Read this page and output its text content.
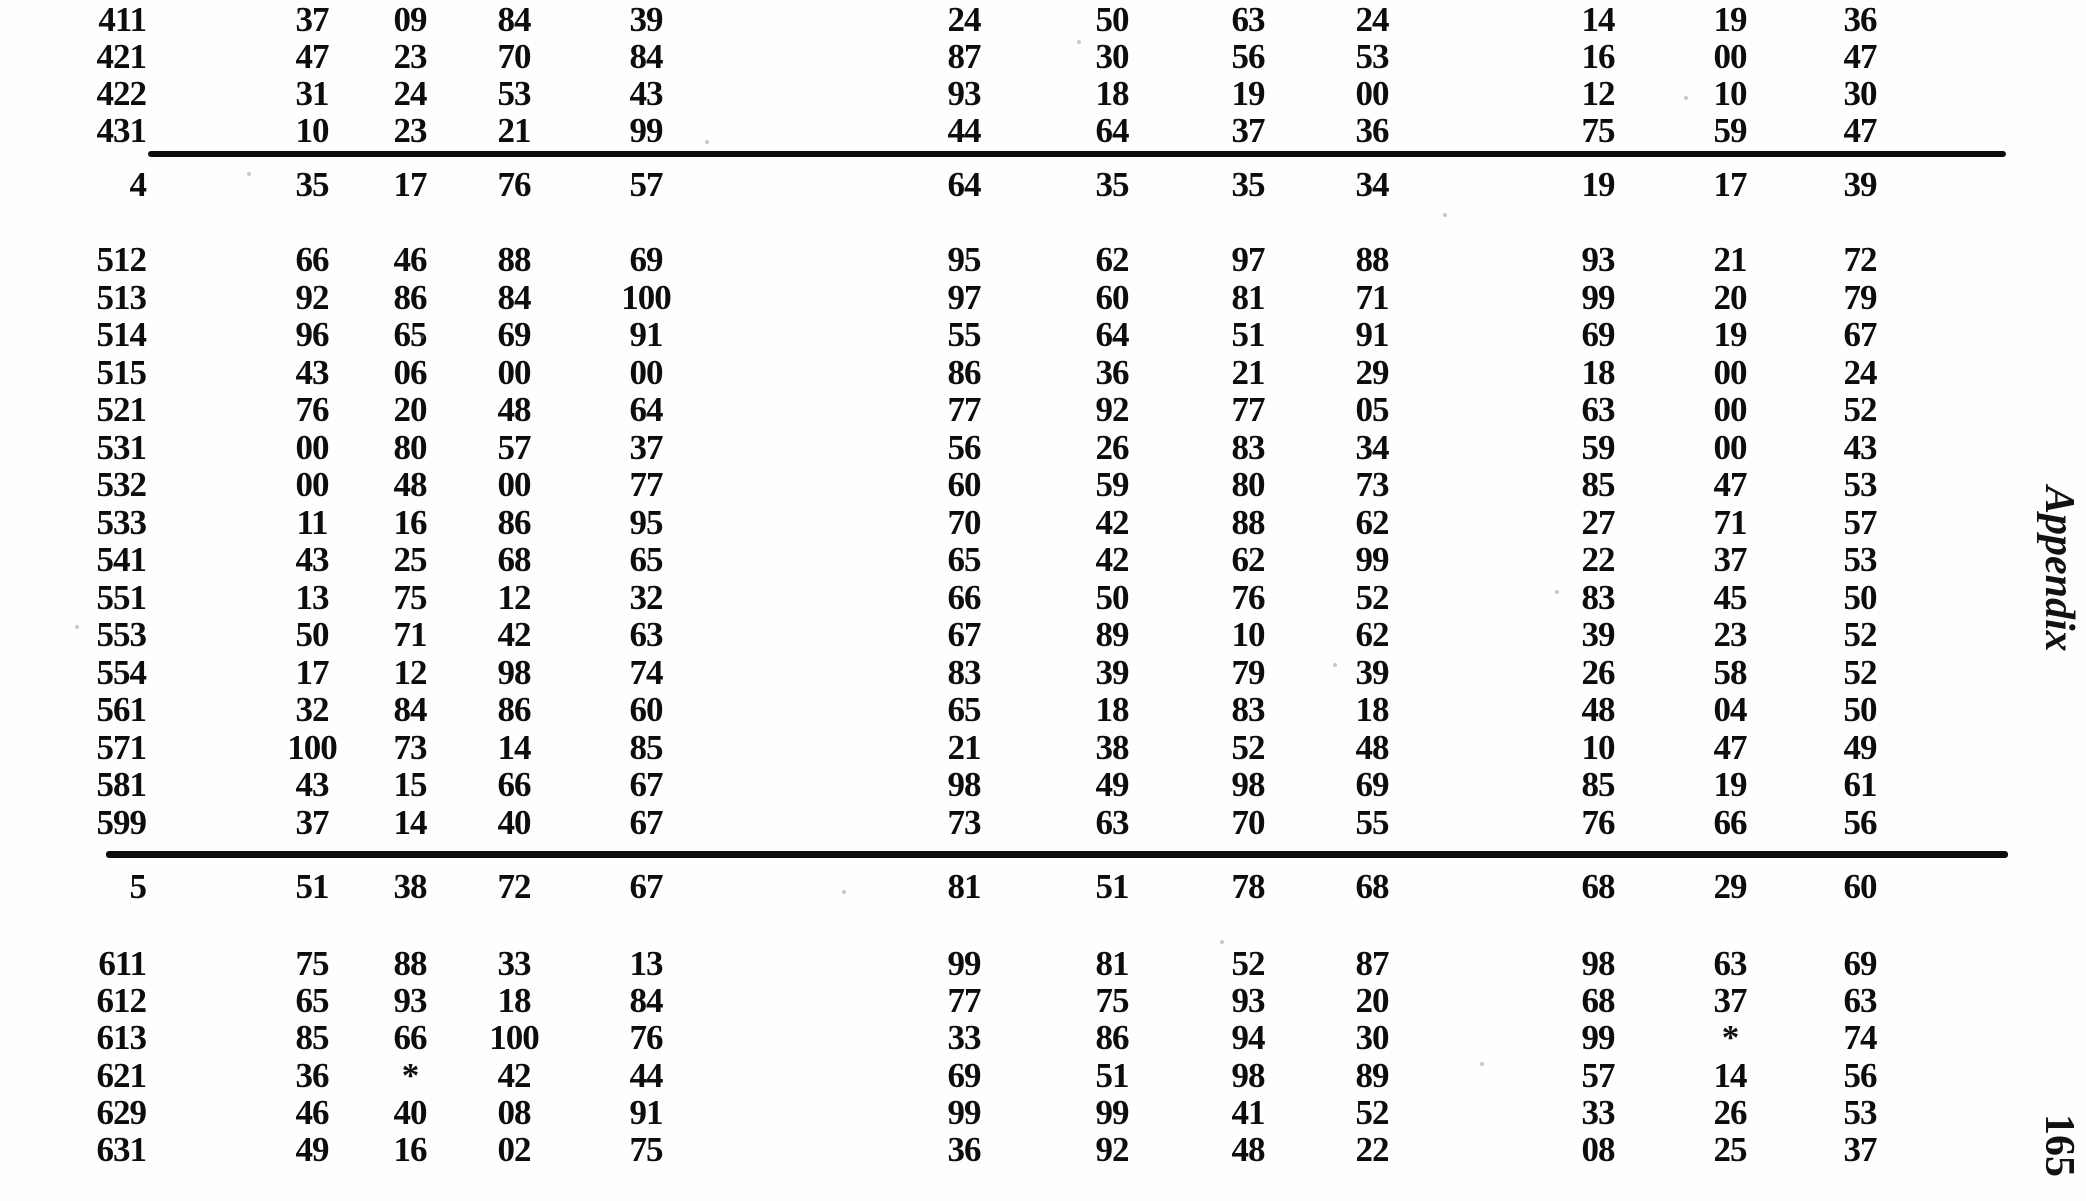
411	37	09	84	39	24	50	63	24	14	19	36
421	47	23	70	84	87	30	56	53	16	00	47
422	31	24	53	43	93	18	19	00	12	10	30
431	10	23	21	99	44	64	37	36	75	59	47
4	35	17	76	57	64	35	35	34	19	17	39
512	66	46	88	69	95	62	97	88	93	21	72
513	92	86	84	100	97	60	81	71	99	20	79
514	96	65	69	91	55	64	51	91	69	19	67
515	43	06	00	00	86	36	21	29	18	00	24
521	76	20	48	64	77	92	77	05	63	00	52
531	00	80	57	37	56	26	83	34	59	00	43
532	00	48	00	77	60	59	80	73	85	47	53
533	11	16	86	95	70	42	88	62	27	71	57
541	43	25	68	65	65	42	62	99	22	37	53
551	13	75	12	32	66	50	76	52	83	45	50
553	50	71	42	63	67	89	10	62	39	23	52
554	17	12	98	74	83	39	79	39	26	58	52
561	32	84	86	60	65	18	83	18	48	04	50
571	100	73	14	85	21	38	52	48	10	47	49
581	43	15	66	67	98	49	98	69	85	19	61
599	37	14	40	67	73	63	70	55	76	66	56
5	51	38	72	67	81	51	78	68	68	29	60
611	75	88	33	13	99	81	52	87	98	63	69
612	65	93	18	84	77	75	93	20	68	37	63
613	85	66	100	76	33	86	94	30	99	*	74
621	36	*	42	44	69	51	98	89	57	14	56
629	46	40	08	91	99	99	41	52	33	26	53
631	49	16	02	75	36	92	48	22	08	25	37
Appendix
165
